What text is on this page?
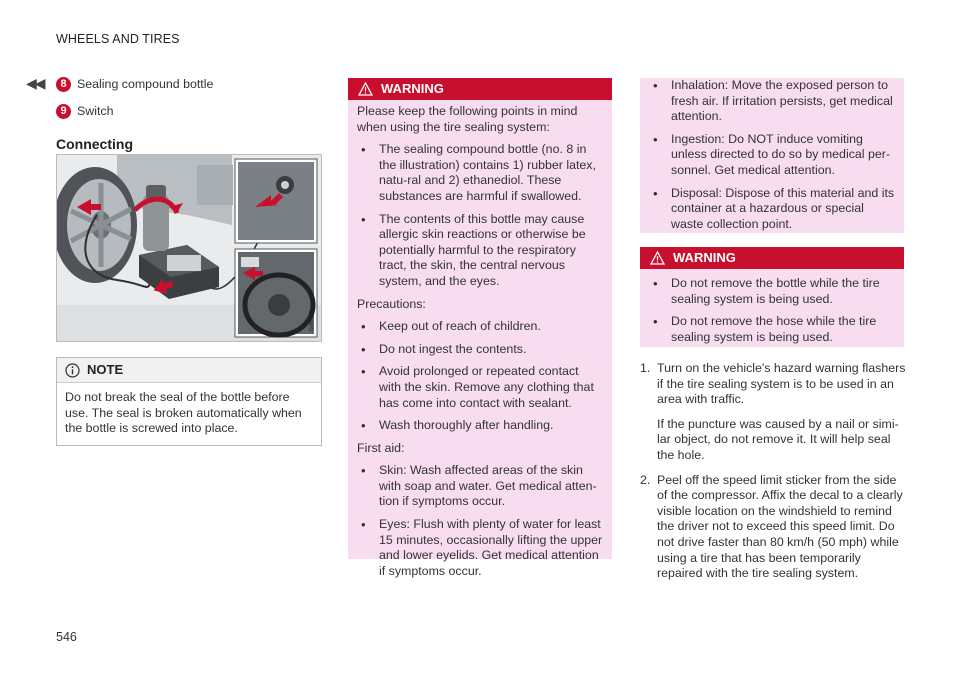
WHEELS AND TIRES
◀◀	8 Sealing compound bottle
9 Switch
Connecting
G060069
NOTE
Do not break the seal of the bottle before use. The seal is broken automatically when the bottle is screwed into place.
WARNING
Please keep the following points in mind when using the tire sealing system:
• The sealing compound bottle (no. 8 in the illustration) contains 1) rubber latex, natu-ral and 2) ethanediol. These substances are harmful if swallowed.
• The contents of this bottle may cause allergic skin reactions or otherwise be potentially harmful to the respiratory tract, the skin, the central nervous system, and the eyes.
Precautions:
• Keep out of reach of children.
• Do not ingest the contents.
• Avoid prolonged or repeated contact with the skin. Remove any clothing that has come into contact with sealant.
• Wash thoroughly after handling.
First aid:
• Skin: Wash affected areas of the skin with soap and water. Get medical atten-tion if symptoms occur.
• Eyes: Flush with plenty of water for least 15 minutes, occasionally lifting the upper and lower eyelids. Get medical attention if symptoms occur.
• Inhalation: Move the exposed person to fresh air. If irritation persists, get medical attention.
• Ingestion: Do NOT induce vomiting unless directed to do so by medical per-sonnel. Get medical attention.
• Disposal: Dispose of this material and its container at a hazardous or special waste collection point.
WARNING
• Do not remove the bottle while the tire sealing system is being used.
• Do not remove the hose while the tire sealing system is being used.
1. Turn on the vehicle's hazard warning flashers if the tire sealing system is to be used in an area with traffic.

If the puncture was caused by a nail or simi-lar object, do not remove it. It will help seal the hole.

2. Peel off the speed limit sticker from the side of the compressor. Affix the decal to a clearly visible location on the windshield to remind the driver not to exceed this speed limit. Do not drive faster than 80 km/h (50 mph) while using a tire that has been temporarily repaired with the tire sealing system.

546
